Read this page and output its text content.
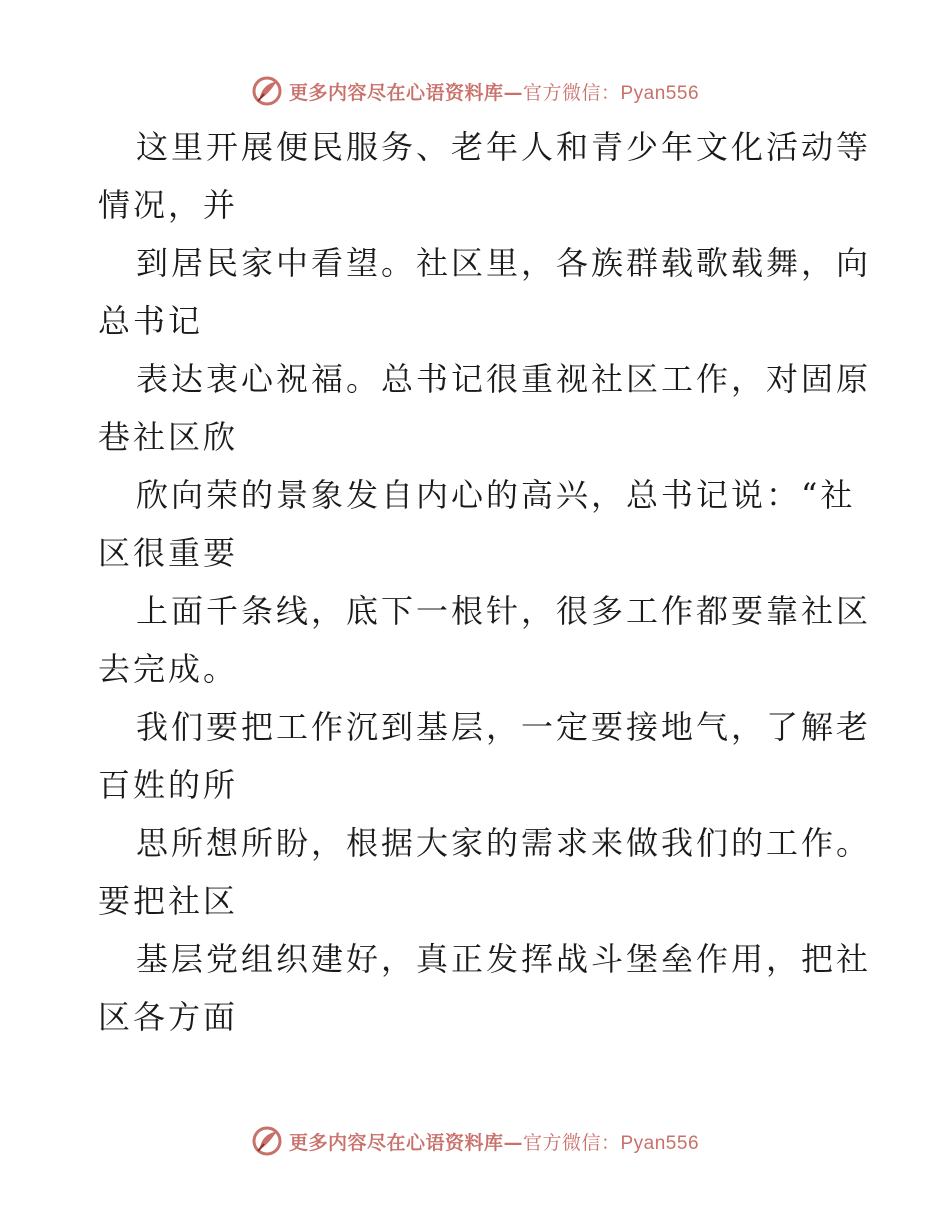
更多内容尽在心语资料库—官方微信：Pyan556
这里开展便民服务、老年人和青少年文化活动等
情况，并
到居民家中看望。社区里，各族群载歌载舞，向
总书记
表达衷心祝福。总书记很重视社区工作，对固原
巷社区欣
欣向荣的景象发自内心的高兴，总书记说：“社
区很重要
上面千条线，底下一根针，很多工作都要靠社区
去完成。
我们要把工作沉到基层，一定要接地气，了解老
百姓的所
思所想所盼，根据大家的需求来做我们的工作。
要把社区
基层党组织建好，真正发挥战斗堡垒作用，把社
区各方面
更多内容尽在心语资料库—官方微信：Pyan556
